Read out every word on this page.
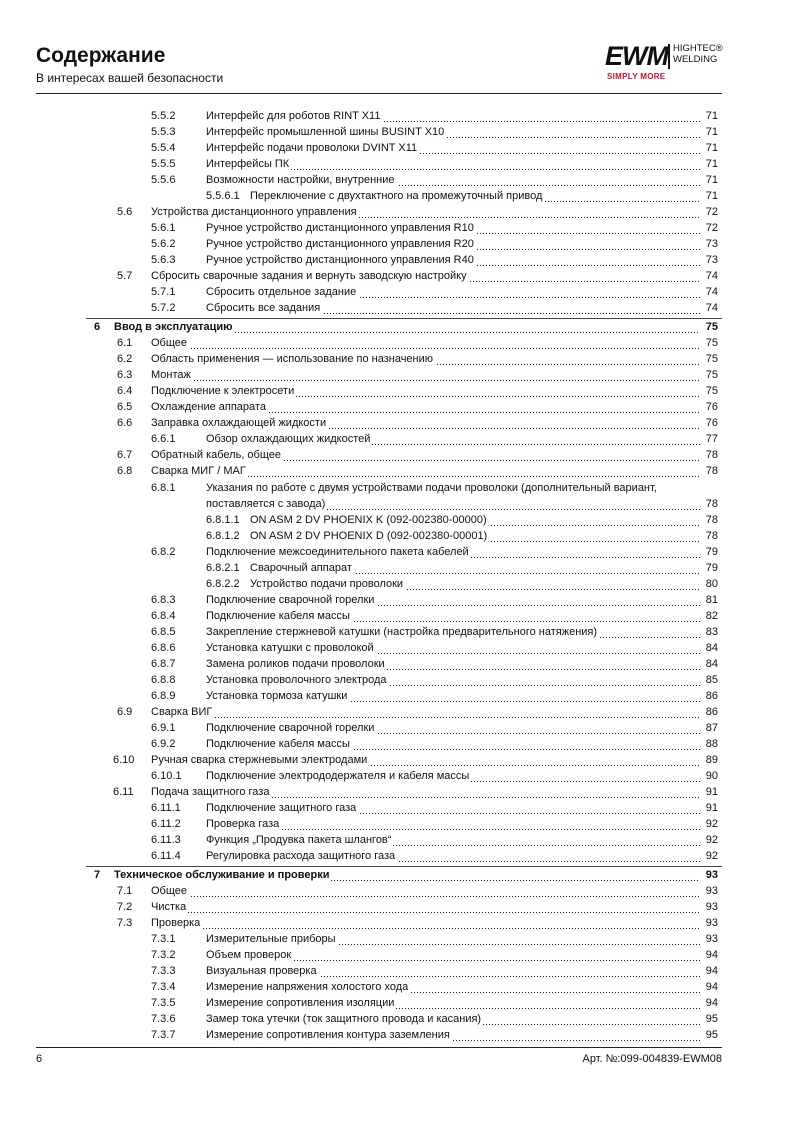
Содержание
В интересах вашей безопасности
EWM HIGHTEC®
WELDING
SIMPLY MORE
5.5.2	Интерфейс для роботов RINT X11	71
5.5.3	Интерфейс промышленной шины BUSINT X10	71
5.5.4	Интерфейс подачи проволоки DVINT X11	71
5.5.5	Интерфейсы ПК	71
5.5.6	Возможности настройки, внутренние	71
5.5.6.1 Переключение с двухтактного на промежуточный привод	71
5.6 Устройства дистанционного управления	72
5.6.1	Ручное устройство дистанционного управления R10	72
5.6.2	Ручное устройство дистанционного управления R20	73
5.6.3	Ручное устройство дистанционного управления R40	73
5.7 Сбросить сварочные задания и вернуть заводскую настройку	74
5.7.1	Сбросить отдельное задание	74
5.7.2	Сбросить все задания	74
6 Ввод в эксплуатацию	75
6.1 Общее	75
6.2 Область применения — использование по назначению	75
6.3 Монтаж	75
6.4 Подключение к электросети	75
6.5 Охлаждение аппарата	76
6.6 Заправка охлаждающей жидкости	76
6.6.1	Обзор охлаждающих жидкостей	77
6.7 Обратный кабель, общее	78
6.8 Сварка МИГ / МАГ	78
6.8.1	Указания по работе с двумя устройствами подачи проволоки (дополнительный вариант,
поставляется с завода)	78
6.8.1.1 ON ASM 2 DV PHOENIX K (092-002380-00000)	78
6.8.1.2 ON ASM 2 DV PHOENIX D (092-002380-00001)	78
6.8.2	Подключение межсоединительного пакета кабелей	79
6.8.2.1 Сварочный аппарат	79
6.8.2.2 Устройство подачи проволоки	80
6.8.3	Подключение сварочной горелки	81
6.8.4	Подключение кабеля массы	82
6.8.5	Закрепление стержневой катушки (настройка предварительного натяжения)	83
6.8.6	Установка катушки с проволокой	84
6.8.7	Замена роликов подачи проволоки	84
6.8.8	Установка проволочного электрода	85
6.8.9	Установка тормоза катушки	86
6.9 Сварка ВИГ	86
6.9.1	Подключение сварочной горелки	87
6.9.2	Подключение кабеля массы	88
6.10 Ручная сварка стержневыми электродами	89
6.10.1 Подключение электрододержателя и кабеля массы	90
6.11 Подача защитного газа	91
6.11.1 Подключение защитного газа	91
6.11.2 Проверка газа	92
6.11.3 Функция „Продувка пакета шлангов“	92
6.11.4 Регулировка расхода защитного газа	92
7 Техническое обслуживание и проверки	93
7.1 Общее	93
7.2 Чистка	93
7.3 Проверка	93
7.3.1	Измерительные приборы	93
7.3.2	Объем проверок	94
7.3.3	Визуальная проверка	94
7.3.4	Измерение напряжения холостого хода	94
7.3.5	Измерение сопротивления изоляции	94
7.3.6	Замер тока утечки (ток защитного провода и касания)	95
7.3.7	Измерение сопротивления контура заземления	95
6	Арт. №:099-004839-EWM08
